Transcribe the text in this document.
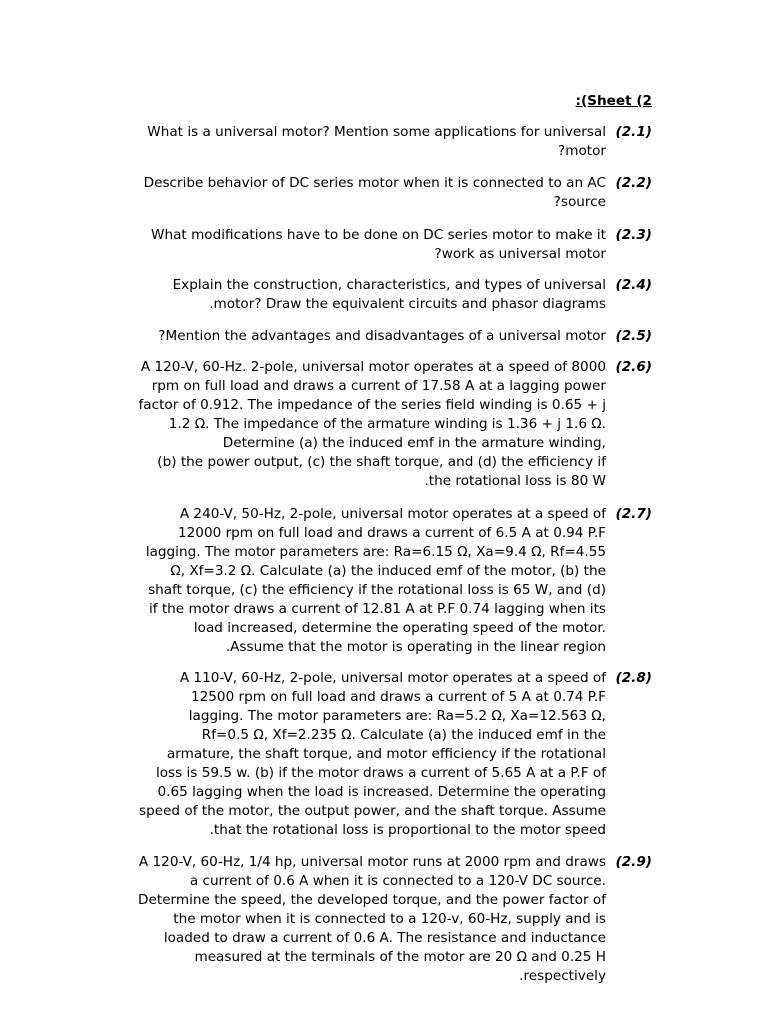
:(Sheet (2
(2.1)
What is a universal motor? Mention some applications for universal
?motor
(2.2)
Describe behavior of DC series motor when it is connected to an AC
?source
(2.3)
What modifications have to be done on DC series motor to make it
?work as universal motor
(2.4)
Explain the construction, characteristics, and types of universal
.motor? Draw the equivalent circuits and phasor diagrams
(2.5)
?Mention the advantages and disadvantages of a universal motor
(2.6)
A 120-V, 60-Hz. 2-pole, universal motor operates at a speed of 8000
rpm on full load and draws a current of 17.58 A at a lagging power
factor of 0.912. The impedance of the series field winding is 0.65 + j
1.2 Ω. The impedance of the armature winding is 1.36 + j 1.6 Ω.
Determine (a) the induced emf in the armature winding,
(b) the power output, (c) the shaft torque, and (d) the efficiency if
.the rotational loss is 80 W
(2.7)
A 240-V, 50-Hz, 2-pole, universal motor operates at a speed of
12000 rpm on full load and draws a current of 6.5 A at 0.94 P.F
lagging. The motor parameters are: Ra=6.15 Ω, Xa=9.4 Ω, Rf=4.55
Ω, Xf=3.2 Ω. Calculate (a) the induced emf of the motor, (b) the
shaft torque, (c) the efficiency if the rotational loss is 65 W, and (d)
if the motor draws a current of 12.81 A at P.F 0.74 lagging when its
load increased, determine the operating speed of the motor.
.Assume that the motor is operating in the linear region
(2.8)
A 110-V, 60-Hz, 2-pole, universal motor operates at a speed of
12500 rpm on full load and draws a current of 5 A at 0.74 P.F
lagging. The motor parameters are: Ra=5.2 Ω, Xa=12.563 Ω,
Rf=0.5 Ω, Xf=2.235 Ω. Calculate (a) the induced emf in the
armature, the shaft torque, and motor efficiency if the rotational
loss is 59.5 w. (b) if the motor draws a current of 5.65 A at a P.F of
0.65 lagging when the load is increased. Determine the operating
speed of the motor, the output power, and the shaft torque. Assume
.that the rotational loss is proportional to the motor speed
(2.9)
A 120-V, 60-Hz, 1/4 hp, universal motor runs at 2000 rpm and draws
a current of 0.6 A when it is connected to a 120-V DC source.
Determine the speed, the developed torque, and the power factor of
the motor when it is connected to a 120-v, 60-Hz, supply and is
loaded to draw a current of 0.6 A. The resistance and inductance
measured at the terminals of the motor are 20 Ω and 0.25 H
.respectively
